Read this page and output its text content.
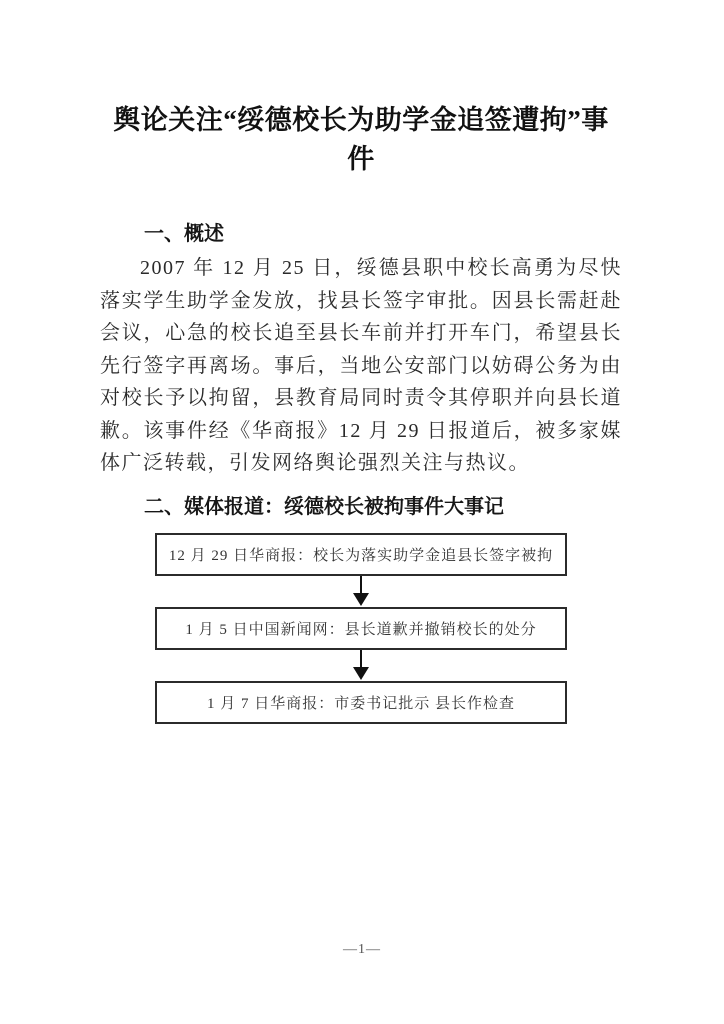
舆论关注“绥德校长为助学金追签遭拘”事
件
一、概述

2007 年 12 月 25 日，绥德县职中校长高勇为尽快落实学生助学金发放，找县长签字审批。因县长需赶赴会议，心急的校长追至县长车前并打开车门，希望县长先行签字再离场。事后，当地公安部门以妨碍公务为由对校长予以拘留，县教育局同时责令其停职并向县长道歉。该事件经《华商报》12 月 29 日报道后，被多家媒体广泛转载，引发网络舆论强烈关注与热议。

二、媒体报道：绥德校长被拘事件大事记
12 月 29 日华商报：校长为落实助学金追县长签字被拘
1 月 5 日中国新闻网：县长道歉并撤销校长的处分
1 月 7 日华商报：市委书记批示 县长作检查
—1—
